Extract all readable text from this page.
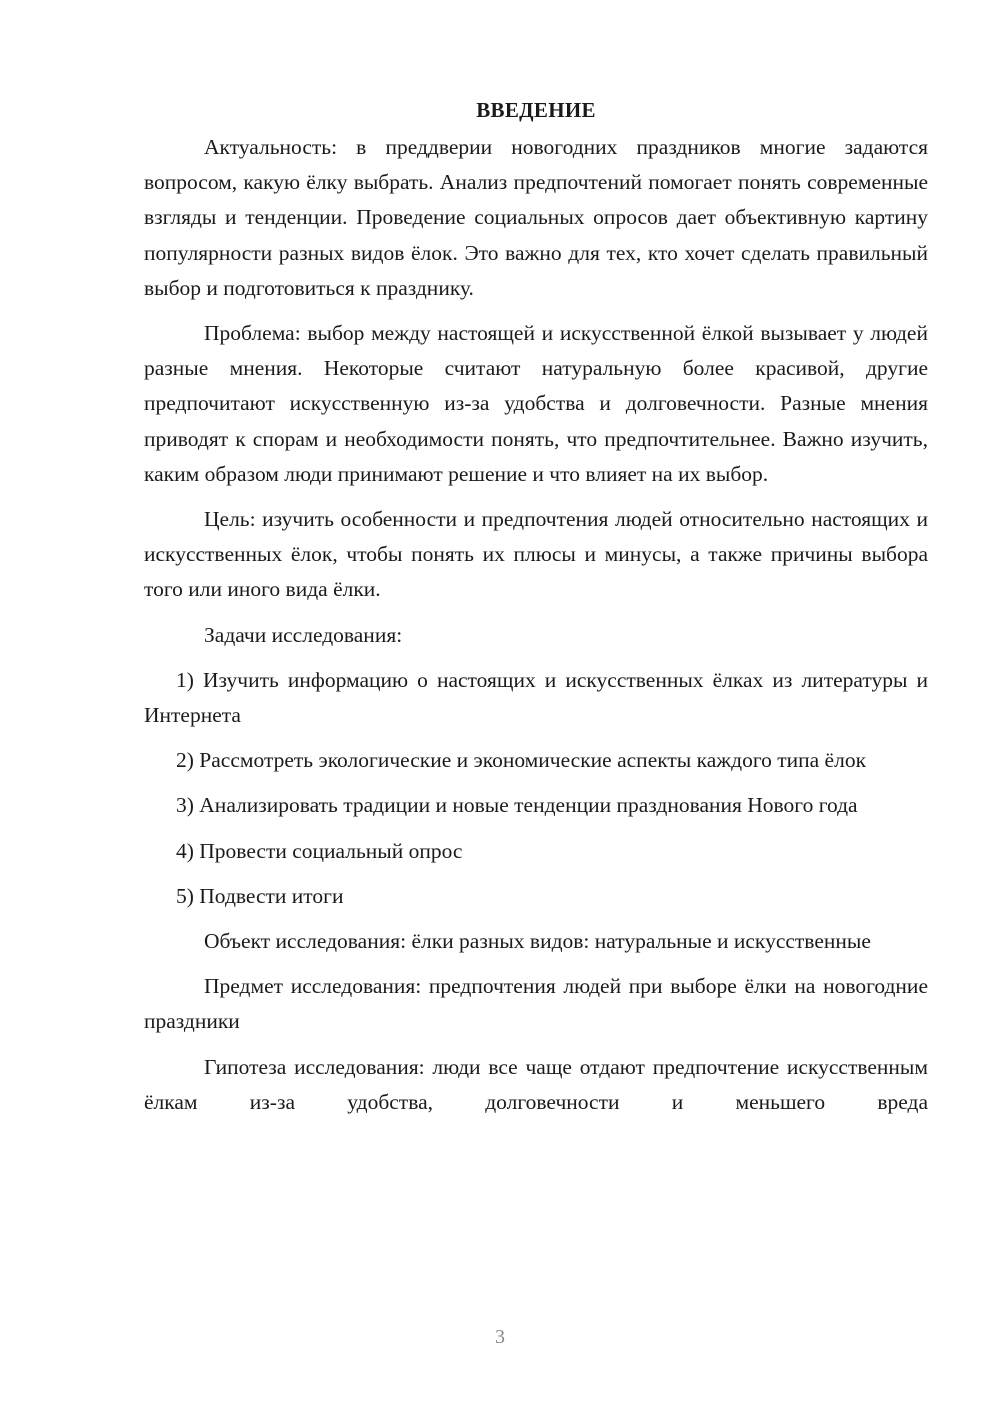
ВВЕДЕНИЕ

Актуальность: в преддверии новогодних праздников многие задаются вопросом, какую ёлку выбрать. Анализ предпочтений помогает понять современные взгляды и тенденции. Проведение социальных опросов дает объективную картину популярности разных видов ёлок. Это важно для тех, кто хочет сделать правильный выбор и подготовиться к празднику.

Проблема: выбор между настоящей и искусственной ёлкой вызывает у людей разные мнения. Некоторые считают натуральную более красивой, другие предпочитают искусственную из-за удобства и долговечности. Разные мнения приводят к спорам и необходимости понять, что предпочтительнее. Важно изучить, каким образом люди принимают решение и что влияет на их выбор.

Цель: изучить особенности и предпочтения людей относительно настоящих и искусственных ёлок, чтобы понять их плюсы и минусы, а также причины выбора того или иного вида ёлки.

Задачи исследования:

1) Изучить информацию о настоящих и искусственных ёлках из литературы и Интернета

2) Рассмотреть экологические и экономические аспекты каждого типа ёлок

3) Анализировать традиции и новые тенденции празднования Нового года

4) Провести социальный опрос

5) Подвести итоги

Объект исследования: ёлки разных видов: натуральные и искусственные

Предмет исследования: предпочтения людей при выборе ёлки на новогодние праздники

Гипотеза исследования: люди все чаще отдают предпочтение искусственным ёлкам из-за удобства, долговечности и меньшего вреда

3
